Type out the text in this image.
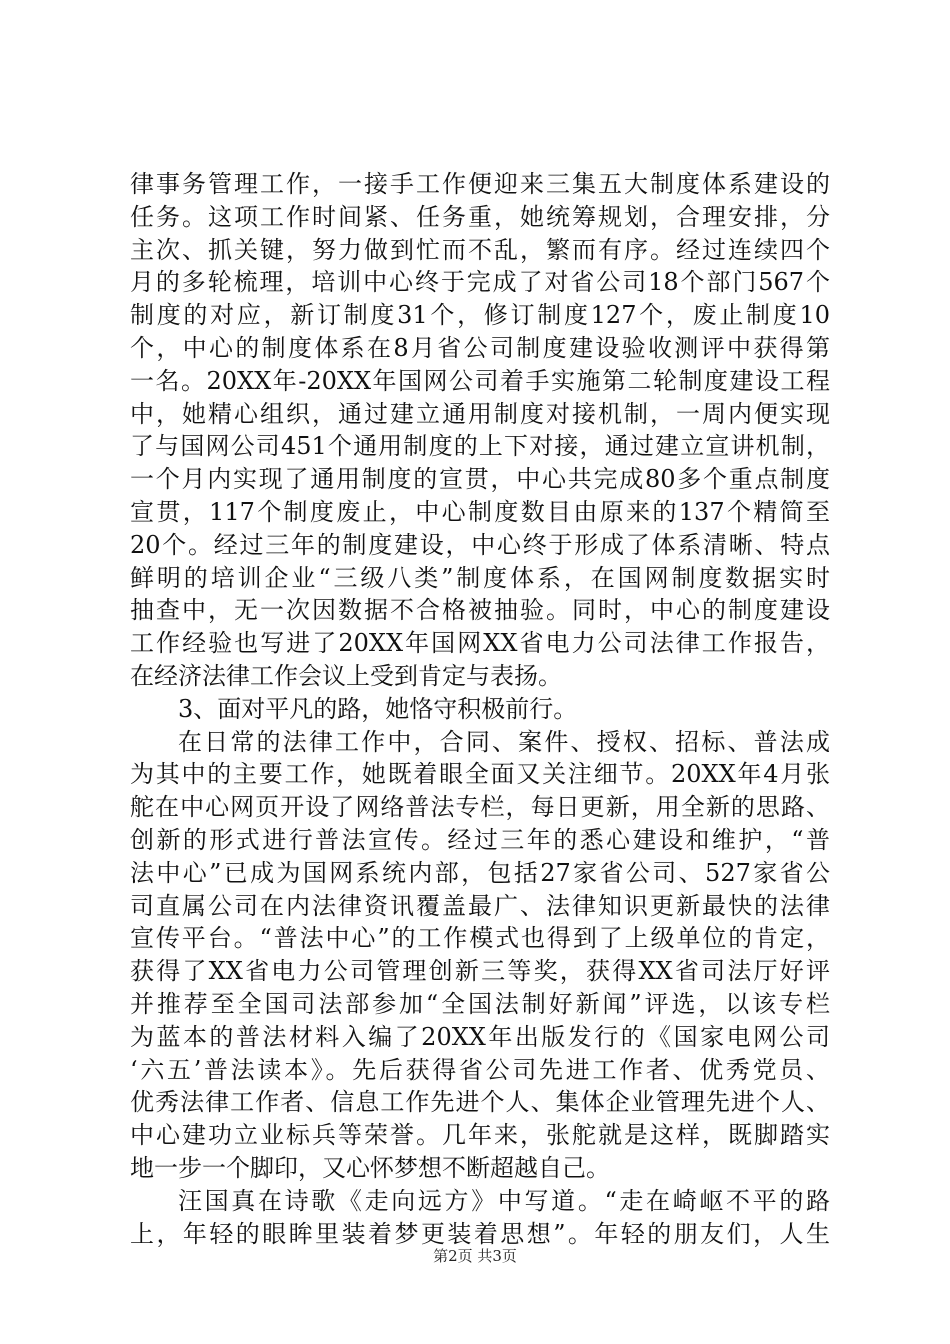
律事务管理工作，一接手工作便迎来三集五大制度体系建设的
任务。这项工作时间紧、任务重，她统筹规划，合理安排，分
主次、抓关键，努力做到忙而不乱，繁而有序。经过连续四个
月的多轮梳理，培训中心终于完成了对省公司18个部门567个
制度的对应，新订制度31个，修订制度127个，废止制度10
个，中心的制度体系在8月省公司制度建设验收测评中获得第
一名。20XX年-20XX年国网公司着手实施第二轮制度建设工程
中，她精心组织，通过建立通用制度对接机制，一周内便实现
了与国网公司451个通用制度的上下对接，通过建立宣讲机制，
一个月内实现了通用制度的宣贯，中心共完成80多个重点制度
宣贯，117个制度废止，中心制度数目由原来的137个精简至
20个。经过三年的制度建设，中心终于形成了体系清晰、特点
鲜明的培训企业“三级八类”制度体系，在国网制度数据实时
抽查中，无一次因数据不合格被抽验。同时，中心的制度建设
工作经验也写进了20XX年国网XX省电力公司法律工作报告，
在经济法律工作会议上受到肯定与表扬。
3、面对平凡的路，她恪守积极前行。
在日常的法律工作中，合同、案件、授权、招标、普法成
为其中的主要工作，她既着眼全面又关注细节。20XX年4月张
舵在中心网页开设了网络普法专栏，每日更新，用全新的思路、
创新的形式进行普法宣传。经过三年的悉心建设和维护，“普
法中心”已成为国网系统内部，包括27家省公司、527家省公
司直属公司在内法律资讯覆盖最广、法律知识更新最快的法律
宣传平台。“普法中心”的工作模式也得到了上级单位的肯定，
获得了XX省电力公司管理创新三等奖，获得XX省司法厅好评
并推荐至全国司法部参加“全国法制好新闻”评选，以该专栏
为蓝本的普法材料入编了20XX年出版发行的《国家电网公司
‘六五’普法读本》。先后获得省公司先进工作者、优秀党员、
优秀法律工作者、信息工作先进个人、集体企业管理先进个人、
中心建功立业标兵等荣誉。几年来，张舵就是这样，既脚踏实
地一步一个脚印，又心怀梦想不断超越自己。
汪国真在诗歌《走向远方》中写道。“走在崎岖不平的路
上，年轻的眼眸里装着梦更装着思想”。年轻的朋友们，人生
第2页 共3页
